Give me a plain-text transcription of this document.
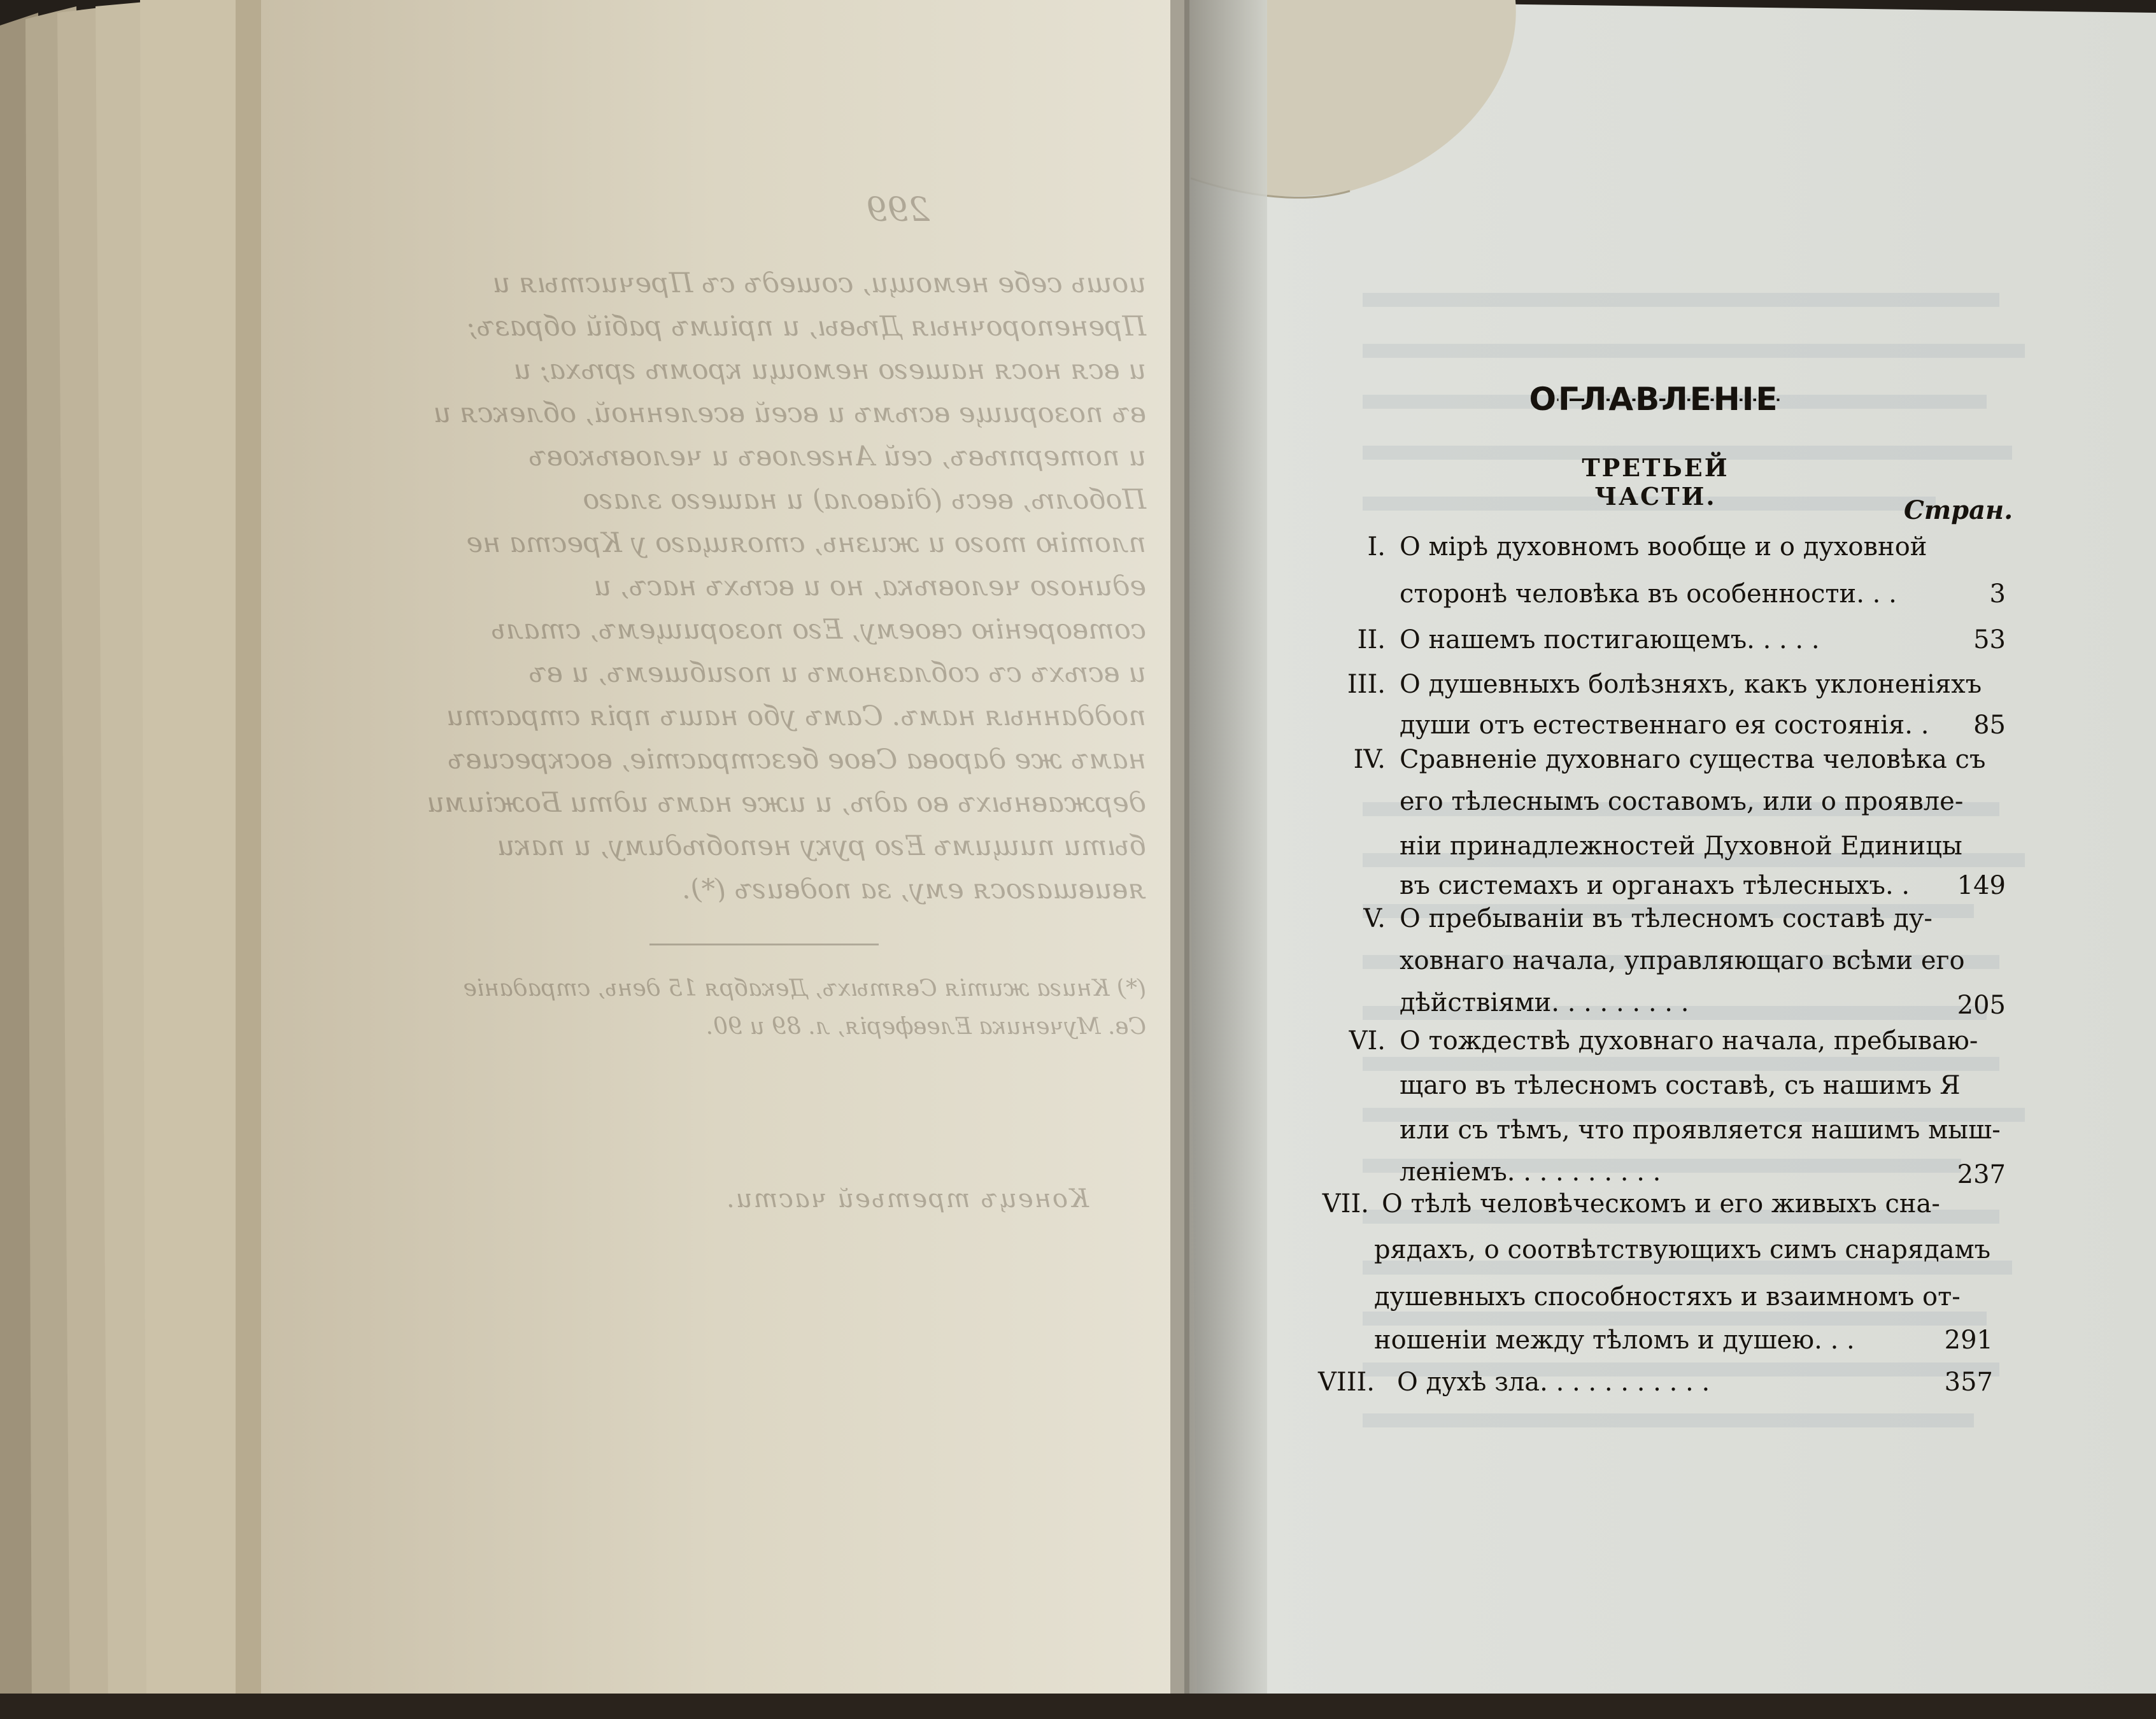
299
иошь себе немощи, сошедъ съ Пречистыя и
Пренепорочныя Дѣвы, и пріимъ рабій образъ;
и вся нося нашего немощи кромѣ грѣха; и
въ позорище всѣмъ и всей вселенной, облекся и
и потерпѣвъ, сей Ангеловъ и человѣковъ
Поболѣ, весь (діавола) и нашего злаго
плотію того и жизнь, стоящаго у Креста не
единого человѣка, но и всѣхъ насъ, и
сотворенію своему, Его позорищемъ, сталь
и всѣхъ съ соблазномъ и погибшемъ, и въ
подданныя намъ. Самъ убо нашъ прія страсти
намъ же дарова Свое безстрастіе, воскресивъ
державныхъ во адѣ, и иже намъ идти Божіими
быти пищимъ Его руку непобѣдиму, и паки
явившагося ему, за подвигъ (*).
(*) Книга житія Святыхъ, Декабря 15 день, страданіе
Св. Мученика Елевферія, л. 89 и 90.
Конецъ третьей части.
ОГЛАВЛЕНІЕ
ТРЕТЬЕЙ ЧАСТИ.	Стран.
I. О мірѣ духовномъ вообще и о духовной
сторонѣ человѣка въ особенности. . .	3
II. О нашемъ постигающемъ. . . . .	53
III. О душевныхъ болѣзняхъ, какъ уклоненіяхъ
души отъ естественнаго ея состоянія. .	85
IV. Сравненіе духовнаго существа человѣка съ
его тѣлеснымъ составомъ, или о проявле-
ніи принадлежностей Духовной Единицы
въ системахъ и органахъ тѣлесныхъ. .	149
V. О пребываніи въ тѣлесномъ составѣ ду-
ховнаго начала, управляющаго всѣми его
дѣйствіями. . . . . . . . .	205
VI. О тождествѣ духовнаго начала, пребываю-
щаго въ тѣлесномъ составѣ, съ нашимъ Я
или съ тѣмъ, что проявляется нашимъ мыш-
леніемъ. . . . . . . . . .	237
VII. О тѣлѣ человѣческомъ и его живыхъ сна-
рядахъ, о соотвѣтствующихъ симъ снарядамъ
душевныхъ способностяхъ и взаимномъ от-
ношеніи между тѣломъ и душею. . .	291
VIII. О духѣ зла. . . . . . . . . . .	357
